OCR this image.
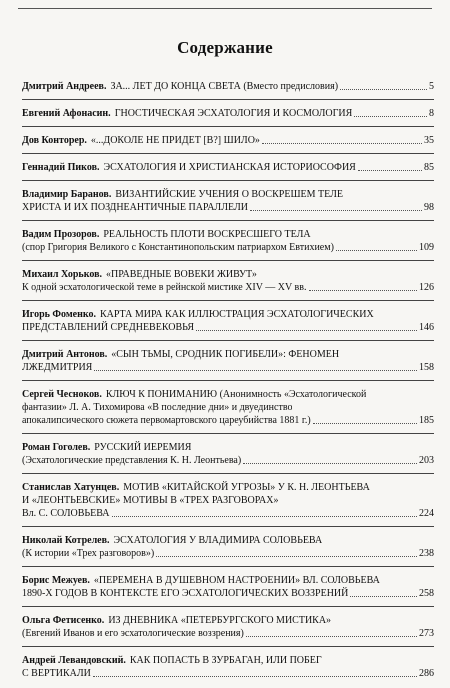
Содержание
Дмитрий Андреев. ЗА... ЛЕТ ДО КОНЦА СВЕТА (Вместо предисловия)	5
Евгений Афонасин. ГНОСТИЧЕСКАЯ ЭСХАТОЛОГИЯ И КОСМОЛОГИЯ	8
Дов Конторер. «...ДОКОЛЕ НЕ ПРИДЕТ [В?] ШИЛО»	35
Геннадий Пиков. ЭСХАТОЛОГИЯ И ХРИСТИАНСКАЯ ИСТОРИОСОФИЯ	85
Владимир Баранов. ВИЗАНТИЙСКИЕ УЧЕНИЯ О ВОСКРЕШЕМ ТЕЛЕ
ХРИСТА И ИХ ПОЗДНЕАНТИЧНЫЕ ПАРАЛЛЕЛИ	98
Вадим Прозоров. РЕАЛЬНОСТЬ ПЛОТИ ВОСКРЕСШЕГО ТЕЛА
(спор Григория Великого с Константинопольским патриархом Евтихием)	109
Михаил Хорьков. «ПРАВЕДНЫЕ ВОВЕКИ ЖИВУТ»
К одной эсхатологической теме в рейнской мистике XIV — XV вв.	126
Игорь Фоменко. КАРТА МИРА КАК ИЛЛЮСТРАЦИЯ ЭСХАТОЛОГИЧЕСКИХ
ПРЕДСТАВЛЕНИЙ СРЕДНЕВЕКОВЬЯ	146
Дмитрий Антонов. «СЫН ТЬМЫ, СРОДНИК ПОГИБЕЛИ»: ФЕНОМЕН
ЛЖЕДМИТРИЯ	158
Сергей Чесноков. КЛЮЧ К ПОНИМАНИЮ (Анонимность «Эсхатологической
фантазии» Л. А. Тихомирова «В последние дни» и двуединство
апокалипсического сюжета первомартовского цареубийства 1881 г.)	185
Роман Гоголев. РУССКИЙ ИЕРЕМИЯ
(Эсхатологические представления К. Н. Леонтьева)	203
Станислав Хатунцев. МОТИВ «КИТАЙСКОЙ УГРОЗЫ» У К. Н. ЛЕОНТЬЕВА
И «ЛЕОНТЬЕВСКИЕ» МОТИВЫ В «ТРЕХ РАЗГОВОРАХ»
Вл. С. СОЛОВЬЕВА	224
Николай Котрелев. ЭСХАТОЛОГИЯ У ВЛАДИМИРА СОЛОВЬЕВА
(К истории «Трех разговоров»)	238
Борис Межуев. «ПЕРЕМЕНА В ДУШЕВНОМ НАСТРОЕНИИ» ВЛ. СОЛОВЬЕВА
1890-Х ГОДОВ В КОНТЕКСТЕ ЕГО ЭСХАТОЛОГИЧЕСКИХ ВОЗЗРЕНИЙ	258
Ольга Фетисенко. ИЗ ДНЕВНИКА «ПЕТЕРБУРГСКОГО МИСТИКА»
(Евгений Иванов и его эсхатологические воззрения)	273
Андрей Левандовский. КАК ПОПАСТЬ В ЗУРБАГАН, ИЛИ ПОБЕГ
С ВЕРТИКАЛИ	286
